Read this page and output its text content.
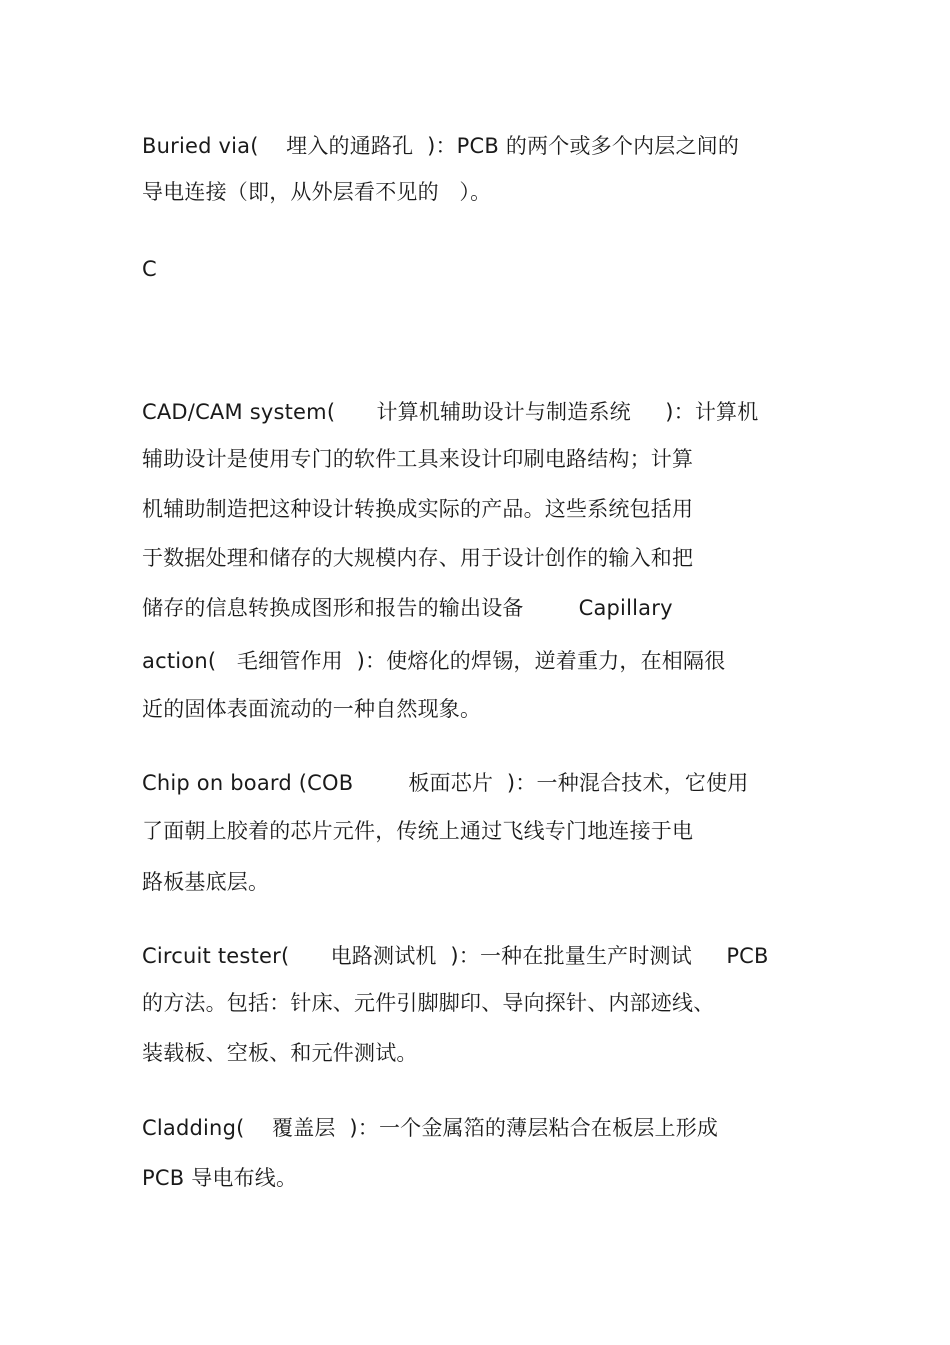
Buried via(    埋入的通路孔  )：PCB 的两个或多个内层之间的
导电连接（即，从外层看不见的   ）。
C
CAD/CAM system(      计算机辅助设计与制造系统     )：计算机
辅助设计是使用专门的软件工具来设计印刷电路结构；计算
机辅助制造把这种设计转换成实际的产品。这些系统包括用
于数据处理和储存的大规模内存、用于设计创作的输入和把
储存的信息转换成图形和报告的输出设备        Capillary
action(   毛细管作用  )：使熔化的焊锡，逆着重力，在相隔很
近的固体表面流动的一种自然现象。
Chip on board (COB        板面芯片  )：一种混合技术，它使用
了面朝上胶着的芯片元件，传统上通过飞线专门地连接于电
路板基底层。
Circuit tester(      电路测试机  )：一种在批量生产时测试     PCB
的方法。包括：针床、元件引脚脚印、导向探针、内部迹线、
装载板、空板、和元件测试。
Cladding(    覆盖层  )：一个金属箔的薄层粘合在板层上形成
PCB 导电布线。
